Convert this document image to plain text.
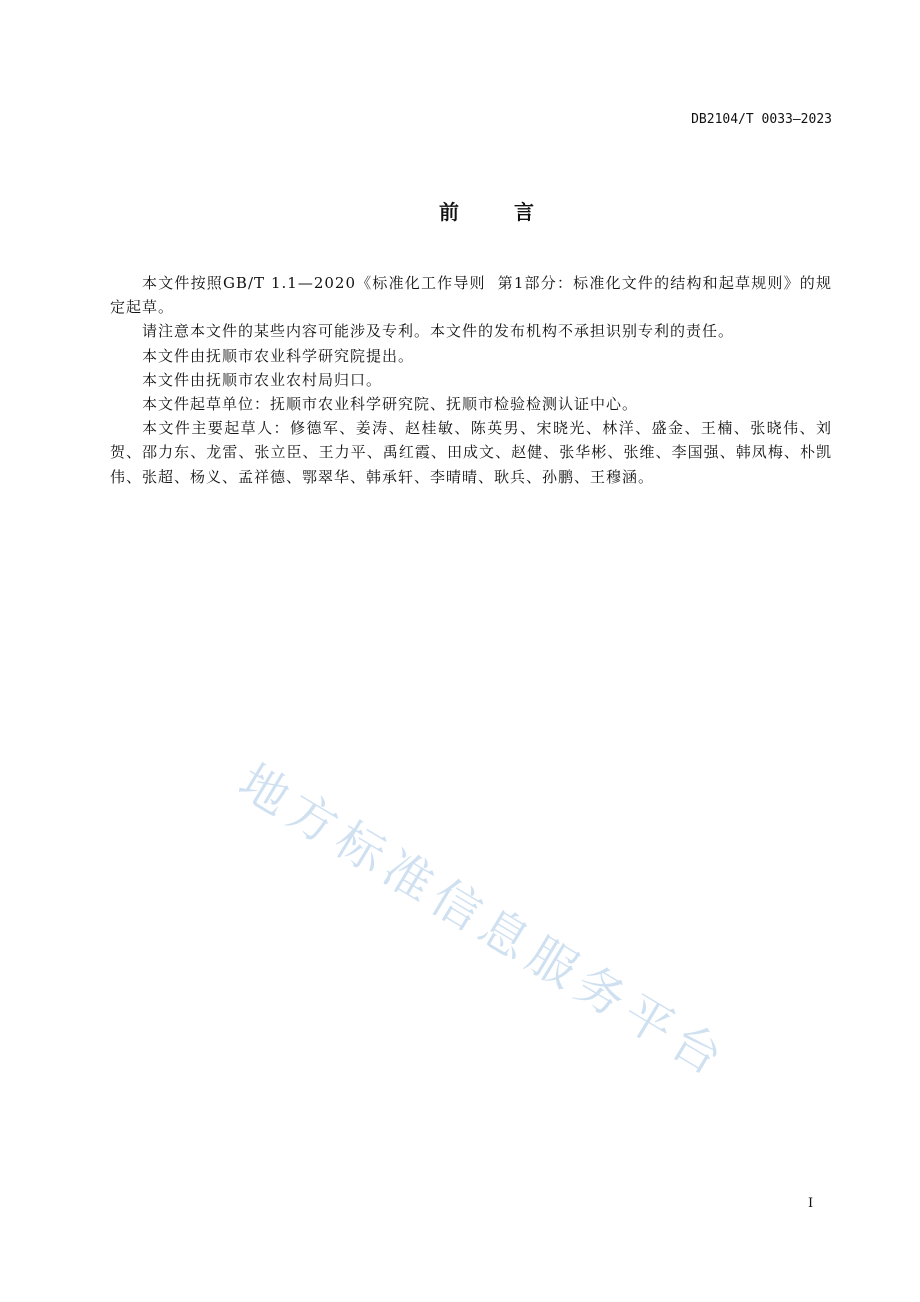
DB2104/T 0033—2023
前言

本文件按照GB/T 1.1—2020《标准化工作导则  第1部分：标准化文件的结构和起草规则》的规定起草。

请注意本文件的某些内容可能涉及专利。本文件的发布机构不承担识别专利的责任。

本文件由抚顺市农业科学研究院提出。

本文件由抚顺市农业农村局归口。

本文件起草单位：抚顺市农业科学研究院、抚顺市检验检测认证中心。

本文件主要起草人：修德军、姜涛、赵桂敏、陈英男、宋晓光、林洋、盛金、王楠、张晓伟、刘贺、邵力东、龙雷、张立臣、王力平、禹红霞、田成文、赵健、张华彬、张维、李国强、韩凤梅、朴凯伟、张超、杨义、孟祥德、鄂翠华、韩承轩、李晴晴、耿兵、孙鹏、王穆涵。

地方标准信息服务平台
I
